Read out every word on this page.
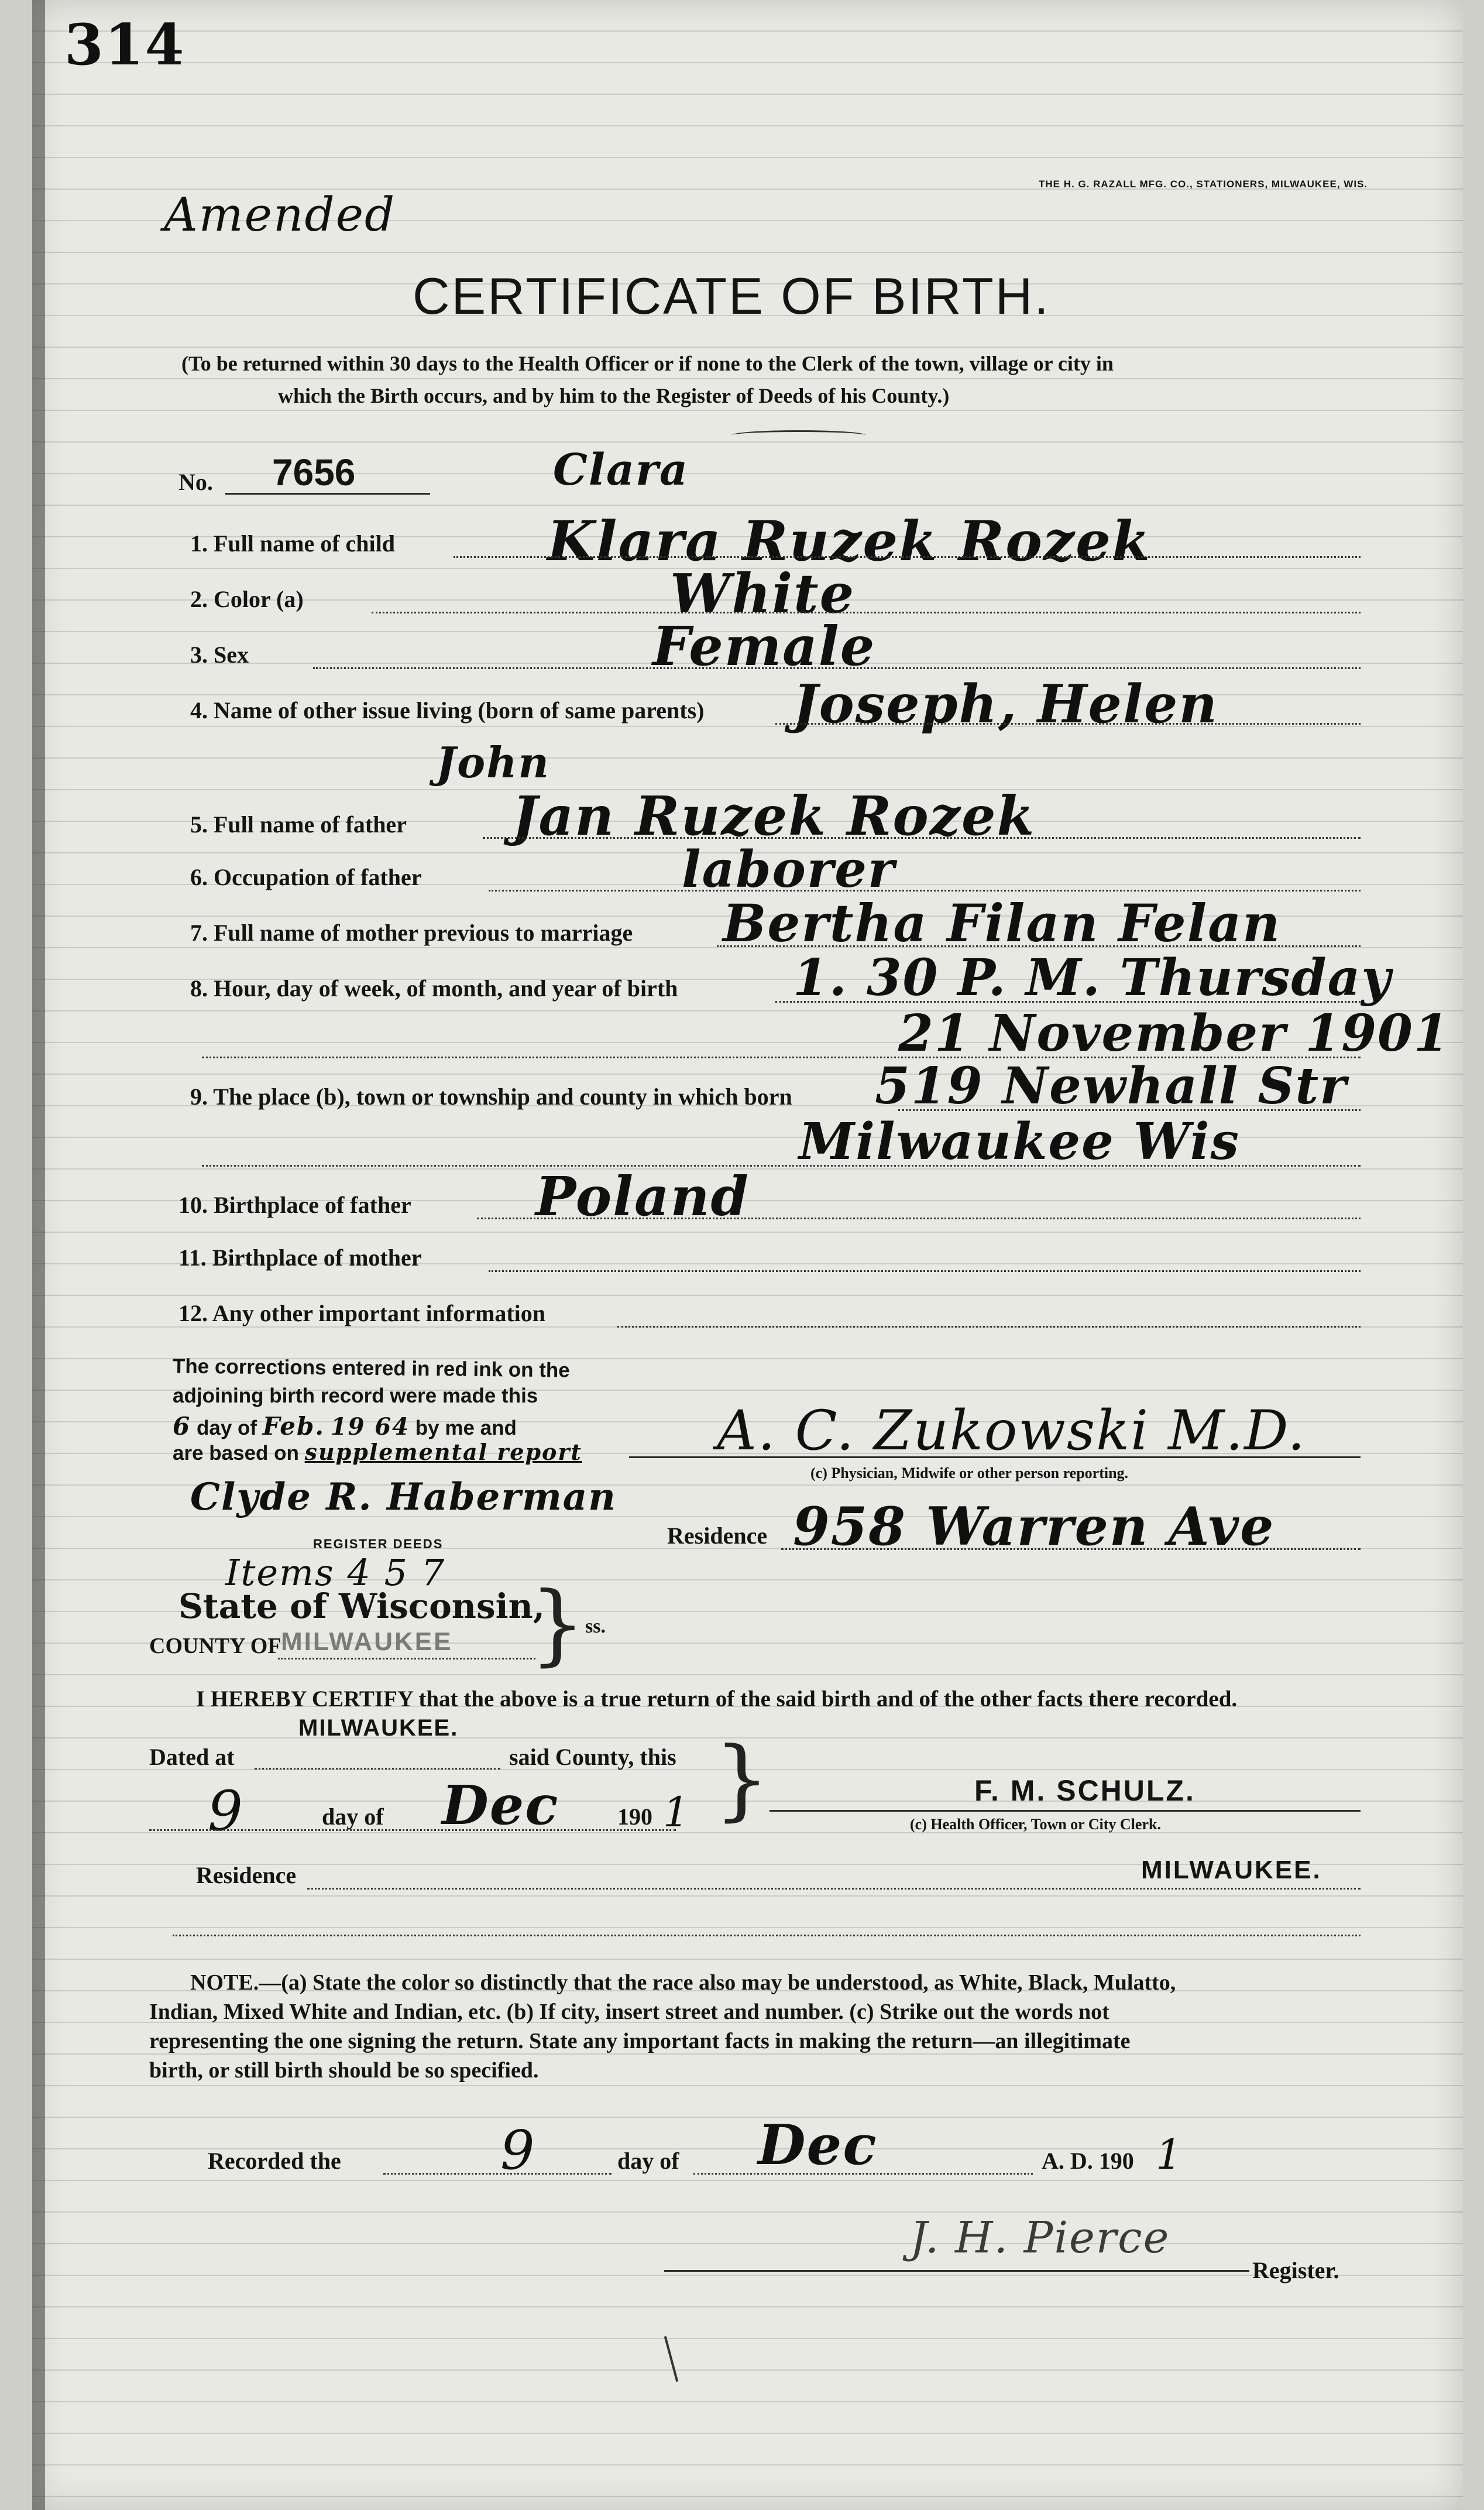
314
THE H. G. RAZALL MFG. CO., STATIONERS, MILWAUKEE, WIS.
Amended
CERTIFICATE OF BIRTH.
(To be returned within 30 days to the Health Officer or if none to the Clerk of the town, village or city in
which the Birth occurs, and by him to the Register of Deeds of his County.)
No. 7656	Clara
1. Full name of child	Klara Ruzek Rozek
2. Color (a)	White
3. Sex	Female
4. Name of other issue living (born of same parents) Joseph, Helen
John
5. Full name of father Jan Ruzek Rozek
6. Occupation of father	laborer
7. Full name of mother previous to marriage Bertha Filan Felan
8. Hour, day of week, of month, and year of birth 1. 30 P. M. Thursday
21 November 1901
9. The place (b), town or township and county in which born 519 Newhall Str
Milwaukee Wis
10. Birthplace of father Poland
11. Birthplace of mother
12. Any other important information
The corrections entered in red ink on the
adjoining birth record were made this
6 day of Feb. 19 64 by me and
are based on supplemental report
Clyde R. Haberman
REGISTER DEEDS
Items 4 5 7
A. C. Zukowski M.D.
(c) Physician, Midwife or other person reporting.
Residence 958 Warren Ave
State of Wisconsin,
COUNTY OF MILWAUKEE } ss.
I HEREBY CERTIFY that the above is a true return of the said birth and of the other facts there recorded.
MILWAUKEE.
Dated at	said County, this
9	day of Dec 190 1 }	F. M. SCHULZ.
(c) Health Officer, Town or City Clerk.
Residence	MILWAUKEE.
NOTE.—(a) State the color so distinctly that the race also may be understood, as White, Black, Mulatto,
Indian, Mixed White and Indian, etc. (b) If city, insert street and number. (c) Strike out the words not
representing the one signing the return. State any important facts in making the return—an illegitimate
birth, or still birth should be so specified.
Recorded the	9	day of Dec	A. D. 190 1
J. H. Pierce
Register.
